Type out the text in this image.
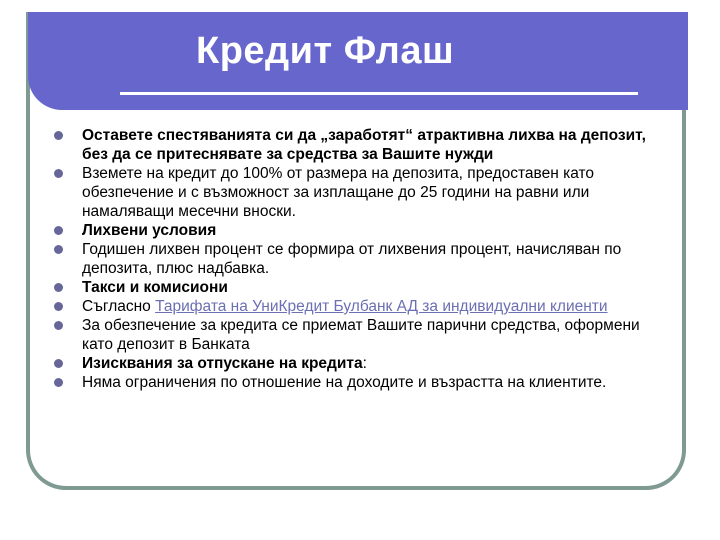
Кредит Флаш
Оставете спестяванията си да „заработят“ атрактивна лихва на депозит, без да се притеснявате за средства за Вашите нужди
Вземете на кредит до 100% от размера на депозита, предоставен като обезпечение и с възможност за изплащане до 25 години на равни или намаляващи месечни вноски.
Лихвени условия
Годишен лихвен процент се формира от лихвения процент, начисляван по депозита, плюс надбавка.
Такси и комисиони
Съгласно Тарифата на УниКредит Булбанк АД за индивидуални клиенти
За обезпечение за кредита се приемат Вашите парични средства, оформени като депозит в Банката
Изисквания за отпускане на кредита:
Няма ограничения по отношение на доходите и възрастта на клиентите.
